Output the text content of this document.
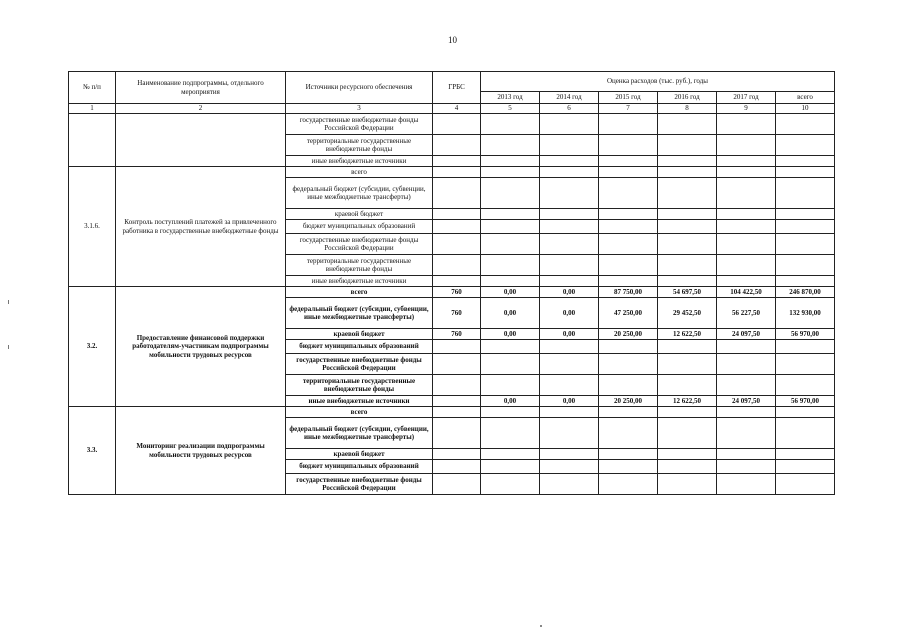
10
№ п/п	Наименование подпрограммы, отдельного мероприятия	Источники ресурсного обеспечения	ГРБС	Оценка расходов (тыс. руб.), годы					
				2013 год	2014 год	2015 год	2016 год	2017 год	всего
1	2	3	4	5	6	7	8	9	10
		государственные внебюджетные фонды Российской Федерации							
		территориальные государственные внебюджетные фонды							
		иные внебюджетные источники							
3.1.6.	Контроль поступлений платежей за привлеченного работника в государственные внебюджетные фонды	всего							
		федеральный бюджет (субсидии, субвенции, иные межбюджетные трансферты)							
		краевой бюджет							
		бюджет муниципальных образований							
		государственные внебюджетные фонды Российской Федерации							
		территориальные государственные внебюджетные фонды							
		иные внебюджетные источники							
3.2.	Предоставление финансовой поддержки работодателям-участникам подпрограммы мобильности трудовых ресурсов	всего	760	0,00	0,00	87 750,00	54 697,50	104 422,50	246 870,00
		федеральный бюджет (субсидии, субвенции, иные межбюджетные трансферты)	760	0,00	0,00	47 250,00	29 452,50	56 227,50	132 930,00
		краевой бюджет	760	0,00	0,00	20 250,00	12 622,50	24 097,50	56 970,00
		бюджет муниципальных образований							
		государственные внебюджетные фонды Российской Федерации							
		территориальные государственные внебюджетные фонды							
		иные внебюджетные источники		0,00	0,00	20 250,00	12 622,50	24 097,50	56 970,00
3.3.	Мониторинг реализации подпрограммы мобильности трудовых ресурсов	всего							
		федеральный бюджет (субсидии, субвенции, иные межбюджетные трансферты)							
		краевой бюджет							
		бюджет муниципальных образований							
		государственные внебюджетные фонды Российской Федерации							
